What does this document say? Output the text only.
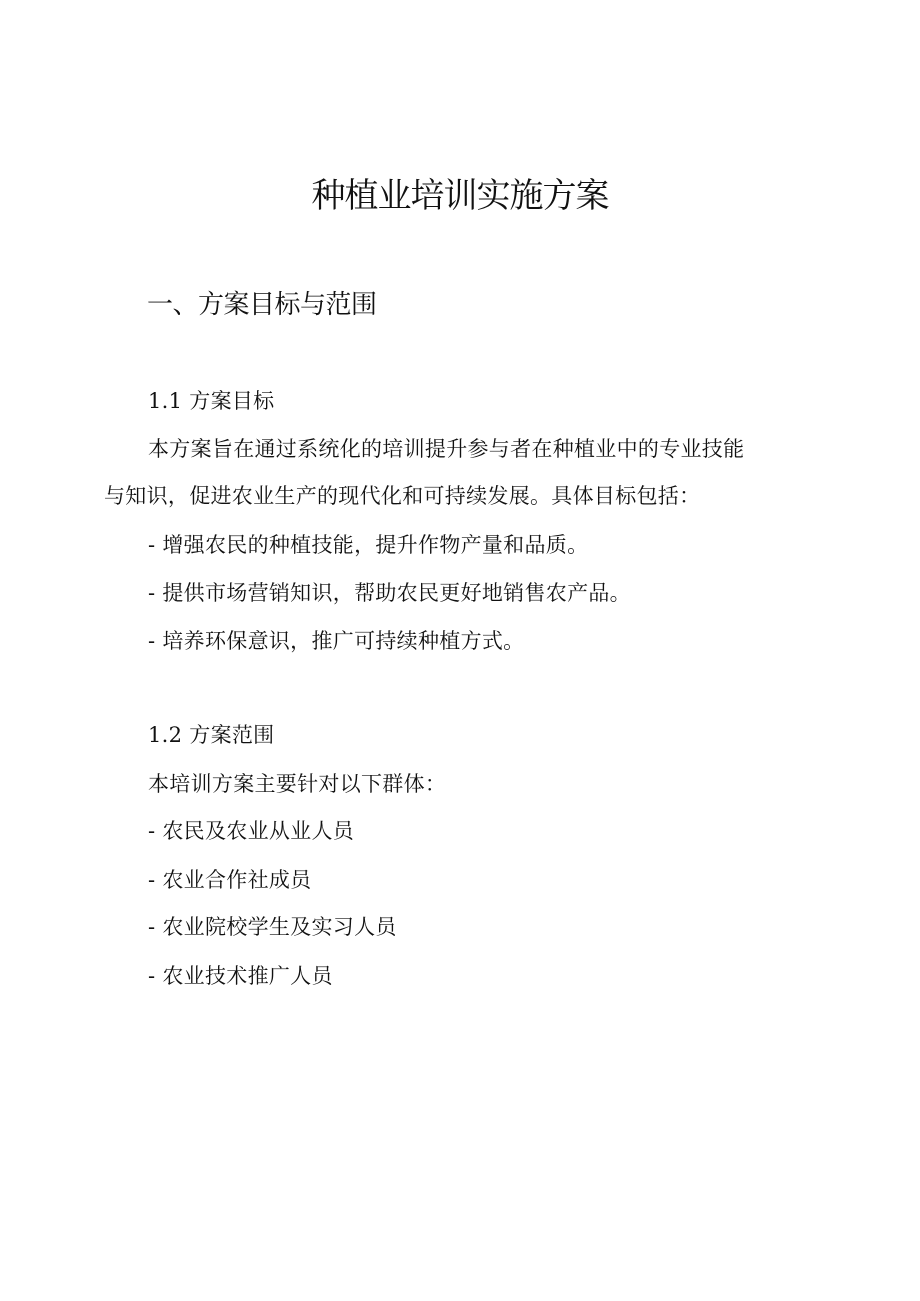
种植业培训实施方案
一、方案目标与范围
1.1 方案目标
本方案旨在通过系统化的培训提升参与者在种植业中的专业技能
与知识，促进农业生产的现代化和可持续发展。具体目标包括：
- 增强农民的种植技能，提升作物产量和品质。
- 提供市场营销知识，帮助农民更好地销售农产品。
- 培养环保意识，推广可持续种植方式。
1.2 方案范围
本培训方案主要针对以下群体：
- 农民及农业从业人员
- 农业合作社成员
- 农业院校学生及实习人员
- 农业技术推广人员
